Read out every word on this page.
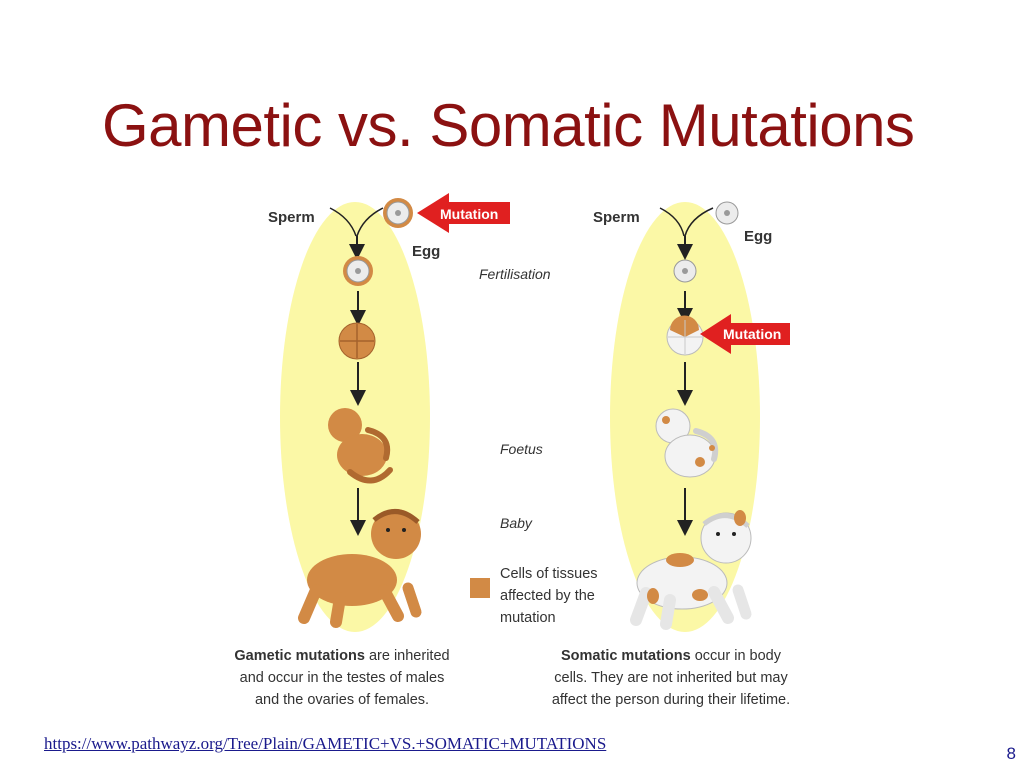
Gametic vs. Somatic Mutations
Sperm
Egg
Mutation	Sperm
Egg
Mutation
Fertilisation
Foetus
Baby
Cells of tissues
affected by the
mutation
Gametic mutations are inherited
and occur in the testes of males
and the ovaries of females.
Somatic mutations occur in body
cells. They are not inherited but may
affect the person during their lifetime.
https://www.pathwayz.org/Tree/Plain/GAMETIC+VS.+SOMATIC+MUTATIONS
8
